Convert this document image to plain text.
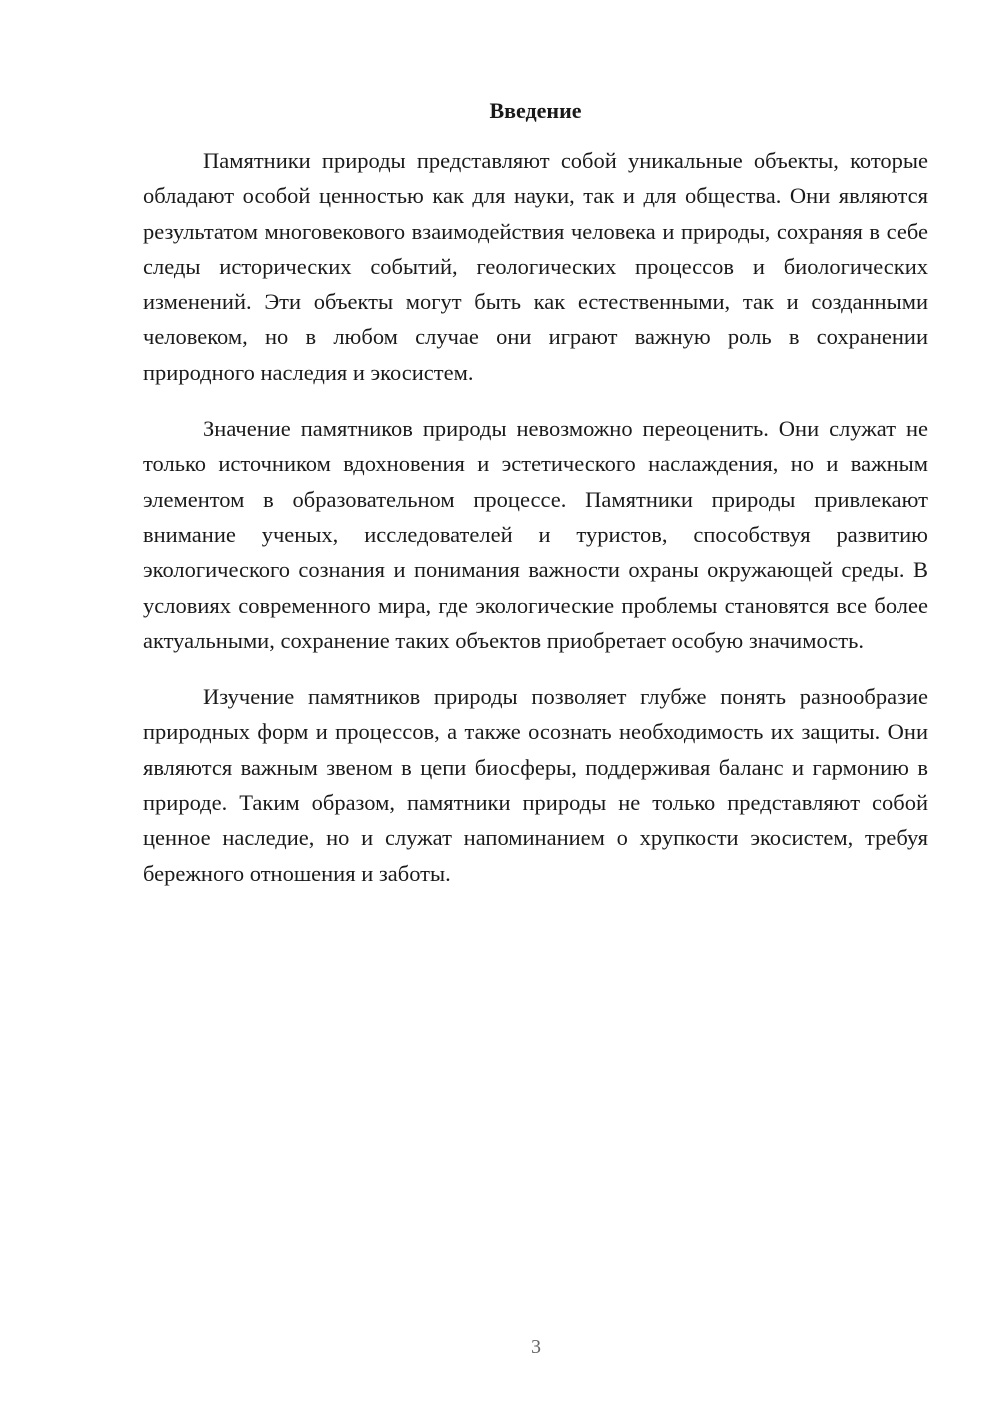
Введение

Памятники природы представляют собой уникальные объекты, которые обладают особой ценностью как для науки, так и для общества. Они являются результатом многовекового взаимодействия человека и природы, сохраняя в себе следы исторических событий, геологических процессов и биологических изменений. Эти объекты могут быть как естественными, так и созданными человеком, но в любом случае они играют важную роль в сохранении природного наследия и экосистем.

Значение памятников природы невозможно переоценить. Они служат не только источником вдохновения и эстетического наслаждения, но и важным элементом в образовательном процессе. Памятники природы привлекают внимание ученых, исследователей и туристов, способствуя развитию экологического сознания и понимания важности охраны окружающей среды. В условиях современного мира, где экологические проблемы становятся все более актуальными, сохранение таких объектов приобретает особую значимость.

Изучение памятников природы позволяет глубже понять разнообразие природных форм и процессов, а также осознать необходимость их защиты. Они являются важным звеном в цепи биосферы, поддерживая баланс и гармонию в природе. Таким образом, памятники природы не только представляют собой ценное наследие, но и служат напоминанием о хрупкости экосистем, требуя бережного отношения и заботы.

3
